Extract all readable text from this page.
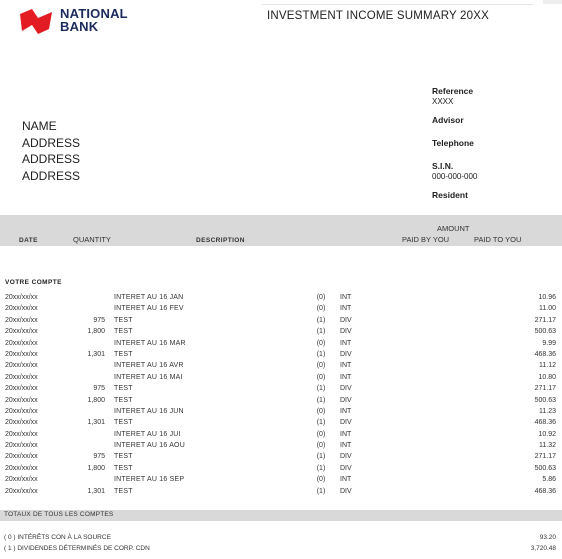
NATIONAL
BANK
INVESTMENT INCOME SUMMARY 20XX
NAME
ADDRESS
ADDRESS
ADDRESS
Reference
XXXX
Advisor
Telephone
S.I.N.
000-000-000
Resident
DATE	QUANTITY	DESCRIPTION
AMOUNT
PAID BY YOU	PAID TO YOU
VOTRE COMPTE
20xx/xx/xx	INTERET AU 16 JAN	(0)	INT	10.96
20xx/xx/xx	INTERET AU 16 FEV	(0)	INT	11.00
20xx/xx/xx	975 TEST	(1)	DIV	271.17
20xx/xx/xx	1,800 TEST	(1)	DIV	500.63
20xx/xx/xx	INTERET AU 16 MAR	(0)	INT	9.99
20xx/xx/xx	1,301 TEST	(1)	DIV	468.36
20xx/xx/xx	INTERET AU 16 AVR	(0)	INT	11.12
20xx/xx/xx	INTERET AU 16 MAI	(0)	INT	10.80
20xx/xx/xx	975 TEST	(1)	DIV	271.17
20xx/xx/xx	1,800 TEST	(1)	DIV	500.63
20xx/xx/xx	INTERET AU 16 JUN	(0)	INT	11.23
20xx/xx/xx	1,301 TEST	(1)	DIV	468.36
20xx/xx/xx	INTERET AU 16 JUI	(0)	INT	10.92
20xx/xx/xx	INTERET AU 16 AOU	(0)	INT	11.32
20xx/xx/xx	975 TEST	(1)	DIV	271.17
20xx/xx/xx	1,800 TEST	(1)	DIV	500.63
20xx/xx/xx	INTERET AU 16 SEP	(0)	INT	5.86
20xx/xx/xx	1,301 TEST	(1)	DIV	468.36
TOTAUX DE TOUS LES COMPTES
( 0 ) INTÉRÊTS CON À LA SOURCE	93.20
( 1 ) DIVIDENDES DÉTERMINÉS DE CORP. CDN	3,720.48
